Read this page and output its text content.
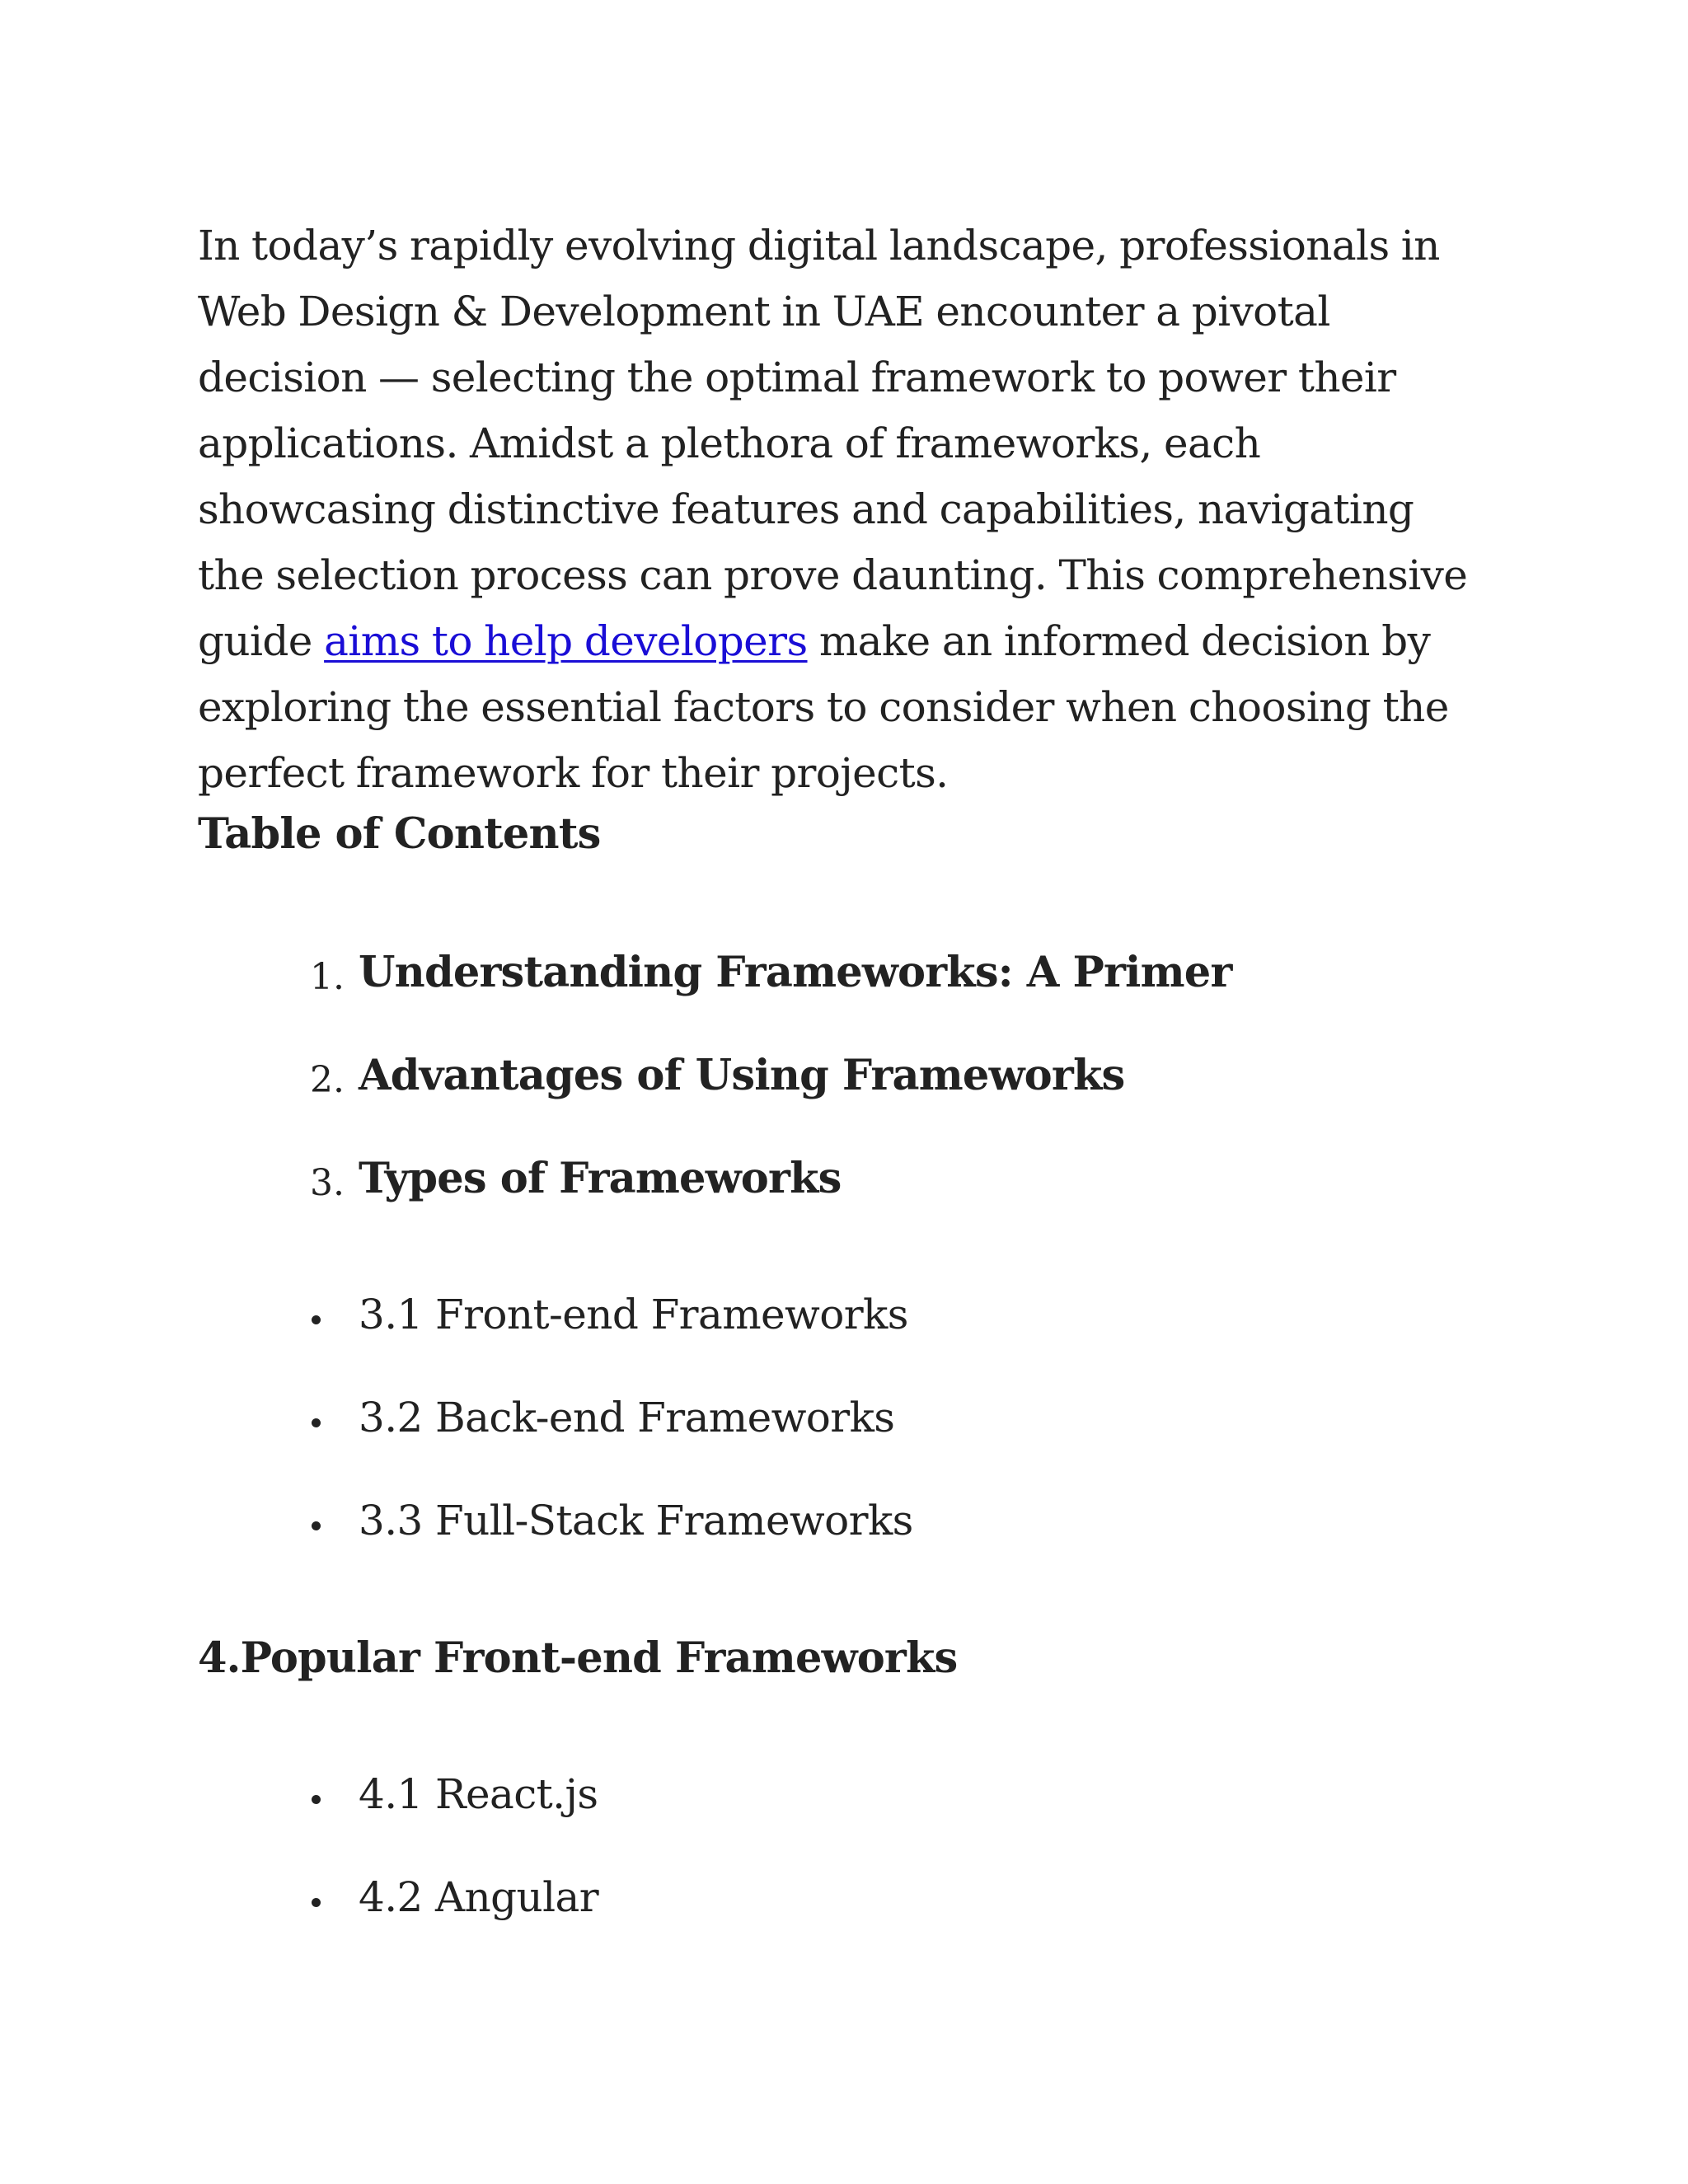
In today’s rapidly evolving digital landscape, professionals in Web Design & Development in UAE encounter a pivotal decision — selecting the optimal framework to power their applications. Amidst a plethora of frameworks, each showcasing distinctive features and capabilities, navigating the selection process can prove daunting. This comprehensive guide aims to help developers make an informed decision by exploring the essential factors to consider when choosing the perfect framework for their projects.

Table of Contents
1. Understanding Frameworks: A Primer
2. Advantages of Using Frameworks
3. Types of Frameworks
3.1 Front-end Frameworks
3.2 Back-end Frameworks
3.3 Full-Stack Frameworks
4.Popular Front-end Frameworks
4.1 React.js
4.2 Angular
